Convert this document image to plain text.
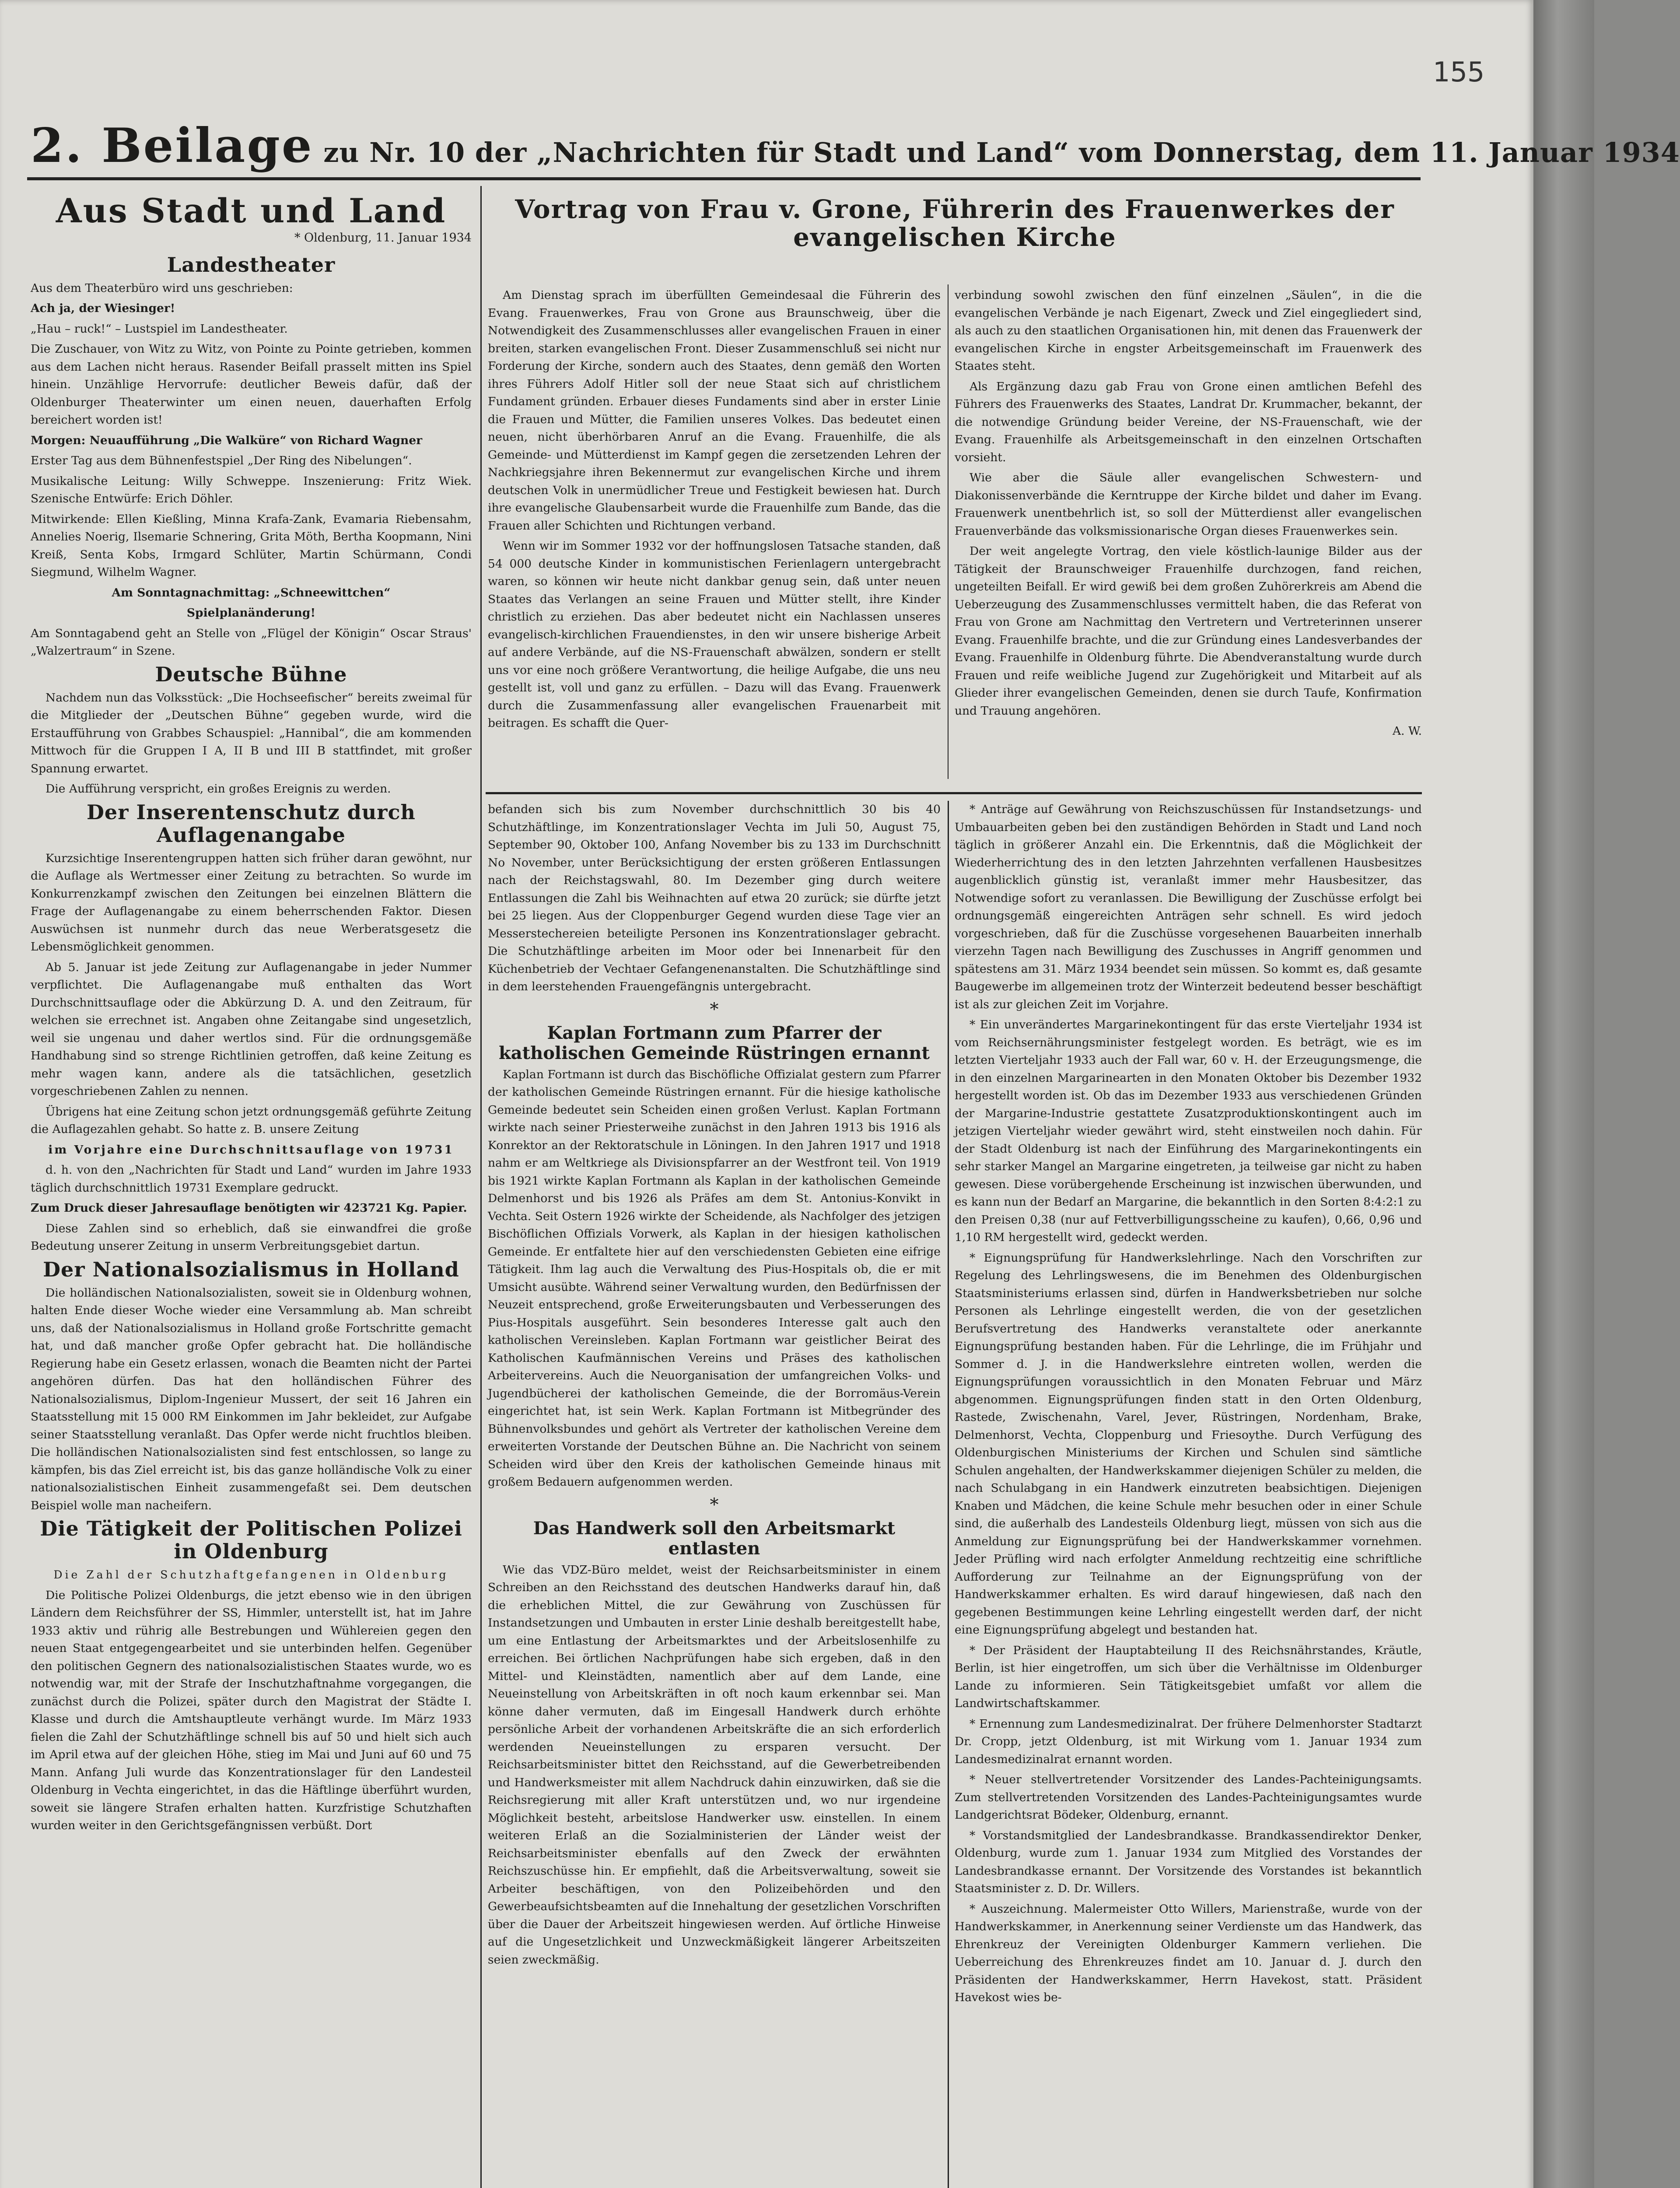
155
2. Beilage zu Nr. 10 der „Nachrichten für Stadt und Land“ vom Donnerstag, dem 11. Januar 1934
Aus Stadt und Land

* Oldenburg, 11. Januar 1934

Landestheater

Aus dem Theaterbüro wird uns geschrieben:

Ach ja, der Wiesinger!

„Hau – ruck!“ – Lustspiel im Landestheater.

Die Zuschauer, von Witz zu Witz, von Pointe zu Pointe getrieben, kommen aus dem Lachen nicht heraus. Rasender Beifall prasselt mitten ins Spiel hinein. Unzählige Hervorrufe: deutlicher Beweis dafür, daß der Oldenburger Theaterwinter um einen neuen, dauerhaften Erfolg bereichert worden ist!

Morgen: Neuaufführung „Die Walküre“ von Richard Wagner

Erster Tag aus dem Bühnenfestspiel „Der Ring des Nibelungen“.

Musikalische Leitung: Willy Schweppe. Inszenierung: Fritz Wiek. Szenische Entwürfe: Erich Döhler.

Mitwirkende: Ellen Kießling, Minna Krafa-Zank, Evamaria Riebensahm, Annelies Noerig, Ilsemarie Schnering, Grita Möth, Bertha Koopmann, Nini Kreiß, Senta Kobs, Irmgard Schlüter, Martin Schürmann, Condi Siegmund, Wilhelm Wagner.

Am Sonntagnachmittag: „Schneewittchen“

Spielplanänderung!

Am Sonntagabend geht an Stelle von „Flügel der Königin“ Oscar Straus' „Walzertraum“ in Szene.

Deutsche Bühne

Nachdem nun das Volksstück: „Die Hochseefischer“ bereits zweimal für die Mitglieder der „Deutschen Bühne“ gegeben wurde, wird die Erstaufführung von Grabbes Schauspiel: „Hannibal“, die am kommenden Mittwoch für die Gruppen I A, II B und III B stattfindet, mit großer Spannung erwartet.

Die Aufführung verspricht, ein großes Ereignis zu werden.

Der Inserentenschutz durch Auflagenangabe

Kurzsichtige Inserentengruppen hatten sich früher daran gewöhnt, nur die Auflage als Wertmesser einer Zeitung zu betrachten. So wurde im Konkurrenzkampf zwischen den Zeitungen bei einzelnen Blättern die Frage der Auflagenangabe zu einem beherrschenden Faktor. Diesen Auswüchsen ist nunmehr durch das neue Werberatsgesetz die Lebensmöglichkeit genommen.

Ab 5. Januar ist jede Zeitung zur Auflagenangabe in jeder Nummer verpflichtet. Die Auflagenangabe muß enthalten das Wort Durchschnittsauflage oder die Abkürzung D. A. und den Zeitraum, für welchen sie errechnet ist. Angaben ohne Zeitangabe sind ungesetzlich, weil sie ungenau und daher wertlos sind. Für die ordnungsgemäße Handhabung sind so strenge Richtlinien getroffen, daß keine Zeitung es mehr wagen kann, andere als die tatsächlichen, gesetzlich vorgeschriebenen Zahlen zu nennen.

Übrigens hat eine Zeitung schon jetzt ordnungsgemäß geführte Zeitung die Auflagezahlen gehabt. So hatte z. B. unsere Zeitung

im Vorjahre eine Durchschnittsauflage von 19731

d. h. von den „Nachrichten für Stadt und Land“ wurden im Jahre 1933 täglich durchschnittlich 19731 Exemplare gedruckt.

Zum Druck dieser Jahresauflage benötigten wir 423721 Kg. Papier.

Diese Zahlen sind so erheblich, daß sie einwandfrei die große Bedeutung unserer Zeitung in unserm Verbreitungsgebiet dartun.

Der Nationalsozialismus in Holland

Die holländischen Nationalsozialisten, soweit sie in Oldenburg wohnen, halten Ende dieser Woche wieder eine Versammlung ab. Man schreibt uns, daß der Nationalsozialismus in Holland große Fortschritte gemacht hat, und daß mancher große Opfer gebracht hat. Die holländische Regierung habe ein Gesetz erlassen, wonach die Beamten nicht der Partei angehören dürfen. Das hat den holländischen Führer des Nationalsozialismus, Diplom-Ingenieur Mussert, der seit 16 Jahren ein Staatsstellung mit 15 000 RM Einkommen im Jahr bekleidet, zur Aufgabe seiner Staatsstellung veranlaßt. Das Opfer werde nicht fruchtlos bleiben. Die holländischen Nationalsozialisten sind fest entschlossen, so lange zu kämpfen, bis das Ziel erreicht ist, bis das ganze holländische Volk zu einer nationalsozialistischen Einheit zusammengefaßt sei. Dem deutschen Beispiel wolle man nacheifern.

Die Tätigkeit der Politischen Polizei in Oldenburg

Die Zahl der Schutzhaftgefangenen in Oldenburg

Die Politische Polizei Oldenburgs, die jetzt ebenso wie in den übrigen Ländern dem Reichsführer der SS, Himmler, unterstellt ist, hat im Jahre 1933 aktiv und rührig alle Bestrebungen und Wühlereien gegen den neuen Staat entgegengearbeitet und sie unterbinden helfen. Gegenüber den politischen Gegnern des nationalsozialistischen Staates wurde, wo es notwendig war, mit der Strafe der Inschutzhaftnahme vorgegangen, die zunächst durch die Polizei, später durch den Magistrat der Städte I. Klasse und durch die Amtshauptleute verhängt wurde. Im März 1933 fielen die Zahl der Schutzhäftlinge schnell bis auf 50 und hielt sich auch im April etwa auf der gleichen Höhe, stieg im Mai und Juni auf 60 und 75 Mann. Anfang Juli wurde das Konzentrationslager für den Landesteil Oldenburg in Vechta eingerichtet, in das die Häftlinge überführt wurden, soweit sie längere Strafen erhalten hatten. Kurzfristige Schutzhaften wurden weiter in den Gerichtsgefängnissen verbüßt. Dort

Vortrag von Frau v. Grone, Führerin des Frauenwerkes der evangelischen Kirche

Am Dienstag sprach im überfüllten Gemeindesaal die Führerin des Evang. Frauenwerkes, Frau von Grone aus Braunschweig, über die Notwendigkeit des Zusammenschlusses aller evangelischen Frauen in einer breiten, starken evangelischen Front. Dieser Zusammenschluß sei nicht nur Forderung der Kirche, sondern auch des Staates, denn gemäß den Worten ihres Führers Adolf Hitler soll der neue Staat sich auf christlichem Fundament gründen. Erbauer dieses Fundaments sind aber in erster Linie die Frauen und Mütter, die Familien unseres Volkes. Das bedeutet einen neuen, nicht überhörbaren Anruf an die Evang. Frauenhilfe, die als Gemeinde- und Mütterdienst im Kampf gegen die zersetzenden Lehren der Nachkriegsjahre ihren Bekennermut zur evangelischen Kirche und ihrem deutschen Volk in unermüdlicher Treue und Festigkeit bewiesen hat. Durch ihre evangelische Glaubensarbeit wurde die Frauenhilfe zum Bande, das die Frauen aller Schichten und Richtungen verband.

Wenn wir im Sommer 1932 vor der hoffnungslosen Tatsache standen, daß 54 000 deutsche Kinder in kommunistischen Ferienlagern untergebracht waren, so können wir heute nicht dankbar genug sein, daß unter neuen Staates das Verlangen an seine Frauen und Mütter stellt, ihre Kinder christlich zu erziehen. Das aber bedeutet nicht ein Nachlassen unseres evangelisch-kirchlichen Frauendienstes, in den wir unsere bisherige Arbeit auf andere Verbände, auf die NS-Frauenschaft abwälzen, sondern er stellt uns vor eine noch größere Verantwortung, die heilige Aufgabe, die uns neu gestellt ist, voll und ganz zu erfüllen. – Dazu will das Evang. Frauenwerk durch die Zusammenfassung aller evangelischen Frauenarbeit mit beitragen. Es schafft die Quer-

verbindung sowohl zwischen den fünf einzelnen „Säulen“, in die die evangelischen Verbände je nach Eigenart, Zweck und Ziel eingegliedert sind, als auch zu den staatlichen Organisationen hin, mit denen das Frauenwerk der evangelischen Kirche in engster Arbeitsgemeinschaft im Frauenwerk des Staates steht.

Als Ergänzung dazu gab Frau von Grone einen amtlichen Befehl des Führers des Frauenwerks des Staates, Landrat Dr. Krummacher, bekannt, der die notwendige Gründung beider Vereine, der NS-Frauenschaft, wie der Evang. Frauenhilfe als Arbeitsgemeinschaft in den einzelnen Ortschaften vorsieht.

Wie aber die Säule aller evangelischen Schwestern- und Diakonissenverbände die Kerntruppe der Kirche bildet und daher im Evang. Frauenwerk unentbehrlich ist, so soll der Mütterdienst aller evangelischen Frauenverbände das volksmissionarische Organ dieses Frauenwerkes sein.

Der weit angelegte Vortrag, den viele köstlich-launige Bilder aus der Tätigkeit der Braunschweiger Frauenhilfe durchzogen, fand reichen, ungeteilten Beifall. Er wird gewiß bei dem großen Zuhörerkreis am Abend die Ueberzeugung des Zusammenschlusses vermittelt haben, die das Referat von Frau von Grone am Nachmittag den Vertretern und Vertreterinnen unserer Evang. Frauenhilfe brachte, und die zur Gründung eines Landesverbandes der Evang. Frauenhilfe in Oldenburg führte. Die Abendveranstaltung wurde durch Frauen und reife weibliche Jugend zur Zugehörigkeit und Mitarbeit auf als Glieder ihrer evangelischen Gemeinden, denen sie durch Taufe, Konfirmation und Trauung angehören.

A. W.

befanden sich bis zum November durchschnittlich 30 bis 40 Schutzhäftlinge, im Konzentrationslager Vechta im Juli 50, August 75, September 90, Oktober 100, Anfang November bis zu 133 im Durchschnitt No November, unter Berücksichtigung der ersten größeren Entlassungen nach der Reichstagswahl, 80. Im Dezember ging durch weitere Entlassungen die Zahl bis Weihnachten auf etwa 20 zurück; sie dürfte jetzt bei 25 liegen. Aus der Cloppenburger Gegend wurden diese Tage vier an Messerstechereien beteiligte Personen ins Konzentrationslager gebracht. Die Schutzhäftlinge arbeiten im Moor oder bei Innenarbeit für den Küchenbetrieb der Vechtaer Gefangenenanstalten. Die Schutzhäftlinge sind in dem leerstehenden Frauengefängnis untergebracht.

*
Kaplan Fortmann zum Pfarrer der katholischen Gemeinde Rüstringen ernannt

Kaplan Fortmann ist durch das Bischöfliche Offizialat gestern zum Pfarrer der katholischen Gemeinde Rüstringen ernannt. Für die hiesige katholische Gemeinde bedeutet sein Scheiden einen großen Verlust. Kaplan Fortmann wirkte nach seiner Priesterweihe zunächst in den Jahren 1913 bis 1916 als Konrektor an der Rektoratschule in Löningen. In den Jahren 1917 und 1918 nahm er am Weltkriege als Divisionspfarrer an der Westfront teil. Von 1919 bis 1921 wirkte Kaplan Fortmann als Kaplan in der katholischen Gemeinde Delmenhorst und bis 1926 als Präfes am dem St. Antonius-Konvikt in Vechta. Seit Ostern 1926 wirkte der Scheidende, als Nachfolger des jetzigen Bischöflichen Offizials Vorwerk, als Kaplan in der hiesigen katholischen Gemeinde. Er entfaltete hier auf den verschiedensten Gebieten eine eifrige Tätigkeit. Ihm lag auch die Verwaltung des Pius-Hospitals ob, die er mit Umsicht ausübte. Während seiner Verwaltung wurden, den Bedürfnissen der Neuzeit entsprechend, große Erweiterungsbauten und Verbesserungen des Pius-Hospitals ausgeführt. Sein besonderes Interesse galt auch den katholischen Vereinsleben. Kaplan Fortmann war geistlicher Beirat des Katholischen Kaufmännischen Vereins und Präses des katholischen Arbeitervereins. Auch die Neuorganisation der umfangreichen Volks- und Jugendbücherei der katholischen Gemeinde, die der Borromäus-Verein eingerichtet hat, ist sein Werk. Kaplan Fortmann ist Mitbegründer des Bühnenvolksbundes und gehört als Vertreter der katholischen Vereine dem erweiterten Vorstande der Deutschen Bühne an. Die Nachricht von seinem Scheiden wird über den Kreis der katholischen Gemeinde hinaus mit großem Bedauern aufgenommen werden.

*
Das Handwerk soll den Arbeitsmarkt entlasten

Wie das VDZ-Büro meldet, weist der Reichsarbeitsminister in einem Schreiben an den Reichsstand des deutschen Handwerks darauf hin, daß die erheblichen Mittel, die zur Gewährung von Zuschüssen für Instandsetzungen und Umbauten in erster Linie deshalb bereitgestellt habe, um eine Entlastung der Arbeitsmarktes und der Arbeitslosenhilfe zu erreichen. Bei örtlichen Nachprüfungen habe sich ergeben, daß in den Mittel- und Kleinstädten, namentlich aber auf dem Lande, eine Neueinstellung von Arbeitskräften in oft noch kaum erkennbar sei. Man könne daher vermuten, daß im Eingesall Handwerk durch erhöhte persönliche Arbeit der vorhandenen Arbeitskräfte die an sich erforderlich werdenden Neueinstellungen zu ersparen versucht. Der Reichsarbeitsminister bittet den Reichsstand, auf die Gewerbetreibenden und Handwerksmeister mit allem Nachdruck dahin einzuwirken, daß sie die Reichsregierung mit aller Kraft unterstützen und, wo nur irgendeine Möglichkeit besteht, arbeitslose Handwerker usw. einstellen. In einem weiteren Erlaß an die Sozialministerien der Länder weist der Reichsarbeitsminister ebenfalls auf den Zweck der erwähnten Reichszuschüsse hin. Er empfiehlt, daß die Arbeitsverwaltung, soweit sie Arbeiter beschäftigen, von den Polizeibehörden und den Gewerbeaufsichtsbeamten auf die Innehaltung der gesetzlichen Vorschriften über die Dauer der Arbeitszeit hingewiesen werden. Auf örtliche Hinweise auf die Ungesetzlichkeit und Unzweckmäßigkeit längerer Arbeitszeiten seien zweckmäßig.

* Anträge auf Gewährung von Reichszuschüssen für Instandsetzungs- und Umbauarbeiten geben bei den zuständigen Behörden in Stadt und Land noch täglich in größerer Anzahl ein. Die Erkenntnis, daß die Möglichkeit der Wiederherrichtung des in den letzten Jahrzehnten verfallenen Hausbesitzes augenblicklich günstig ist, veranlaßt immer mehr Hausbesitzer, das Notwendige sofort zu veranlassen. Die Bewilligung der Zuschüsse erfolgt bei ordnungsgemäß eingereichten Anträgen sehr schnell. Es wird jedoch vorgeschrieben, daß für die Zuschüsse vorgesehenen Bauarbeiten innerhalb vierzehn Tagen nach Bewilligung des Zuschusses in Angriff genommen und spätestens am 31. März 1934 beendet sein müssen. So kommt es, daß gesamte Baugewerbe im allgemeinen trotz der Winterzeit bedeutend besser beschäftigt ist als zur gleichen Zeit im Vorjahre.

* Ein unverändertes Margarinekontingent für das erste Vierteljahr 1934 ist vom Reichsernährungsminister festgelegt worden. Es beträgt, wie es im letzten Vierteljahr 1933 auch der Fall war, 60 v. H. der Erzeugungsmenge, die in den einzelnen Margarinearten in den Monaten Oktober bis Dezember 1932 hergestellt worden ist. Ob das im Dezember 1933 aus verschiedenen Gründen der Margarine-Industrie gestattete Zusatzproduktionskontingent auch im jetzigen Vierteljahr wieder gewährt wird, steht einstweilen noch dahin. Für der Stadt Oldenburg ist nach der Einführung des Margarinekontingents ein sehr starker Mangel an Margarine eingetreten, ja teilweise gar nicht zu haben gewesen. Diese vorübergehende Erscheinung ist inzwischen überwunden, und es kann nun der Bedarf an Margarine, die bekanntlich in den Sorten 8:4:2:1 zu den Preisen 0,38 (nur auf Fettverbilligungsscheine zu kaufen), 0,66, 0,96 und 1,10 RM hergestellt wird, gedeckt werden.

* Eignungsprüfung für Handwerkslehrlinge. Nach den Vorschriften zur Regelung des Lehrlingswesens, die im Benehmen des Oldenburgischen Staatsministeriums erlassen sind, dürfen in Handwerksbetrieben nur solche Personen als Lehrlinge eingestellt werden, die von der gesetzlichen Berufsvertretung des Handwerks veranstaltete oder anerkannte Eignungsprüfung bestanden haben. Für die Lehrlinge, die im Frühjahr und Sommer d. J. in die Handwerkslehre eintreten wollen, werden die Eignungsprüfungen voraussichtlich in den Monaten Februar und März abgenommen. Eignungsprüfungen finden statt in den Orten Oldenburg, Rastede, Zwischenahn, Varel, Jever, Rüstringen, Nordenham, Brake, Delmenhorst, Vechta, Cloppenburg und Friesoythe. Durch Verfügung des Oldenburgischen Ministeriums der Kirchen und Schulen sind sämtliche Schulen angehalten, der Handwerkskammer diejenigen Schüler zu melden, die nach Schulabgang in ein Handwerk einzutreten beabsichtigen. Diejenigen Knaben und Mädchen, die keine Schule mehr besuchen oder in einer Schule sind, die außerhalb des Landesteils Oldenburg liegt, müssen von sich aus die Anmeldung zur Eignungsprüfung bei der Handwerkskammer vornehmen. Jeder Prüfling wird nach erfolgter Anmeldung rechtzeitig eine schriftliche Aufforderung zur Teilnahme an der Eignungsprüfung von der Handwerkskammer erhalten. Es wird darauf hingewiesen, daß nach den gegebenen Bestimmungen keine Lehrling eingestellt werden darf, der nicht eine Eignungsprüfung abgelegt und bestanden hat.

* Der Präsident der Hauptabteilung II des Reichsnährstandes, Kräutle, Berlin, ist hier eingetroffen, um sich über die Verhältnisse im Oldenburger Lande zu informieren. Sein Tätigkeitsgebiet umfaßt vor allem die Landwirtschaftskammer.

* Ernennung zum Landesmedizinalrat. Der frühere Delmenhorster Stadtarzt Dr. Cropp, jetzt Oldenburg, ist mit Wirkung vom 1. Januar 1934 zum Landesmedizinalrat ernannt worden.

* Neuer stellvertretender Vorsitzender des Landes-Pachteinigungsamts. Zum stellvertretenden Vorsitzenden des Landes-Pachteinigungsamtes wurde Landgerichtsrat Bödeker, Oldenburg, ernannt.

* Vorstandsmitglied der Landesbrandkasse. Brandkassendirektor Denker, Oldenburg, wurde zum 1. Januar 1934 zum Mitglied des Vorstandes der Landesbrandkasse ernannt. Der Vorsitzende des Vorstandes ist bekanntlich Staatsminister z. D. Dr. Willers.

* Auszeichnung. Malermeister Otto Willers, Marienstraße, wurde von der Handwerkskammer, in Anerkennung seiner Verdienste um das Handwerk, das Ehrenkreuz der Vereinigten Oldenburger Kammern verliehen. Die Ueberreichung des Ehrenkreuzes findet am 10. Januar d. J. durch den Präsidenten der Handwerkskammer, Herrn Havekost, statt. Präsident Havekost wies be-
